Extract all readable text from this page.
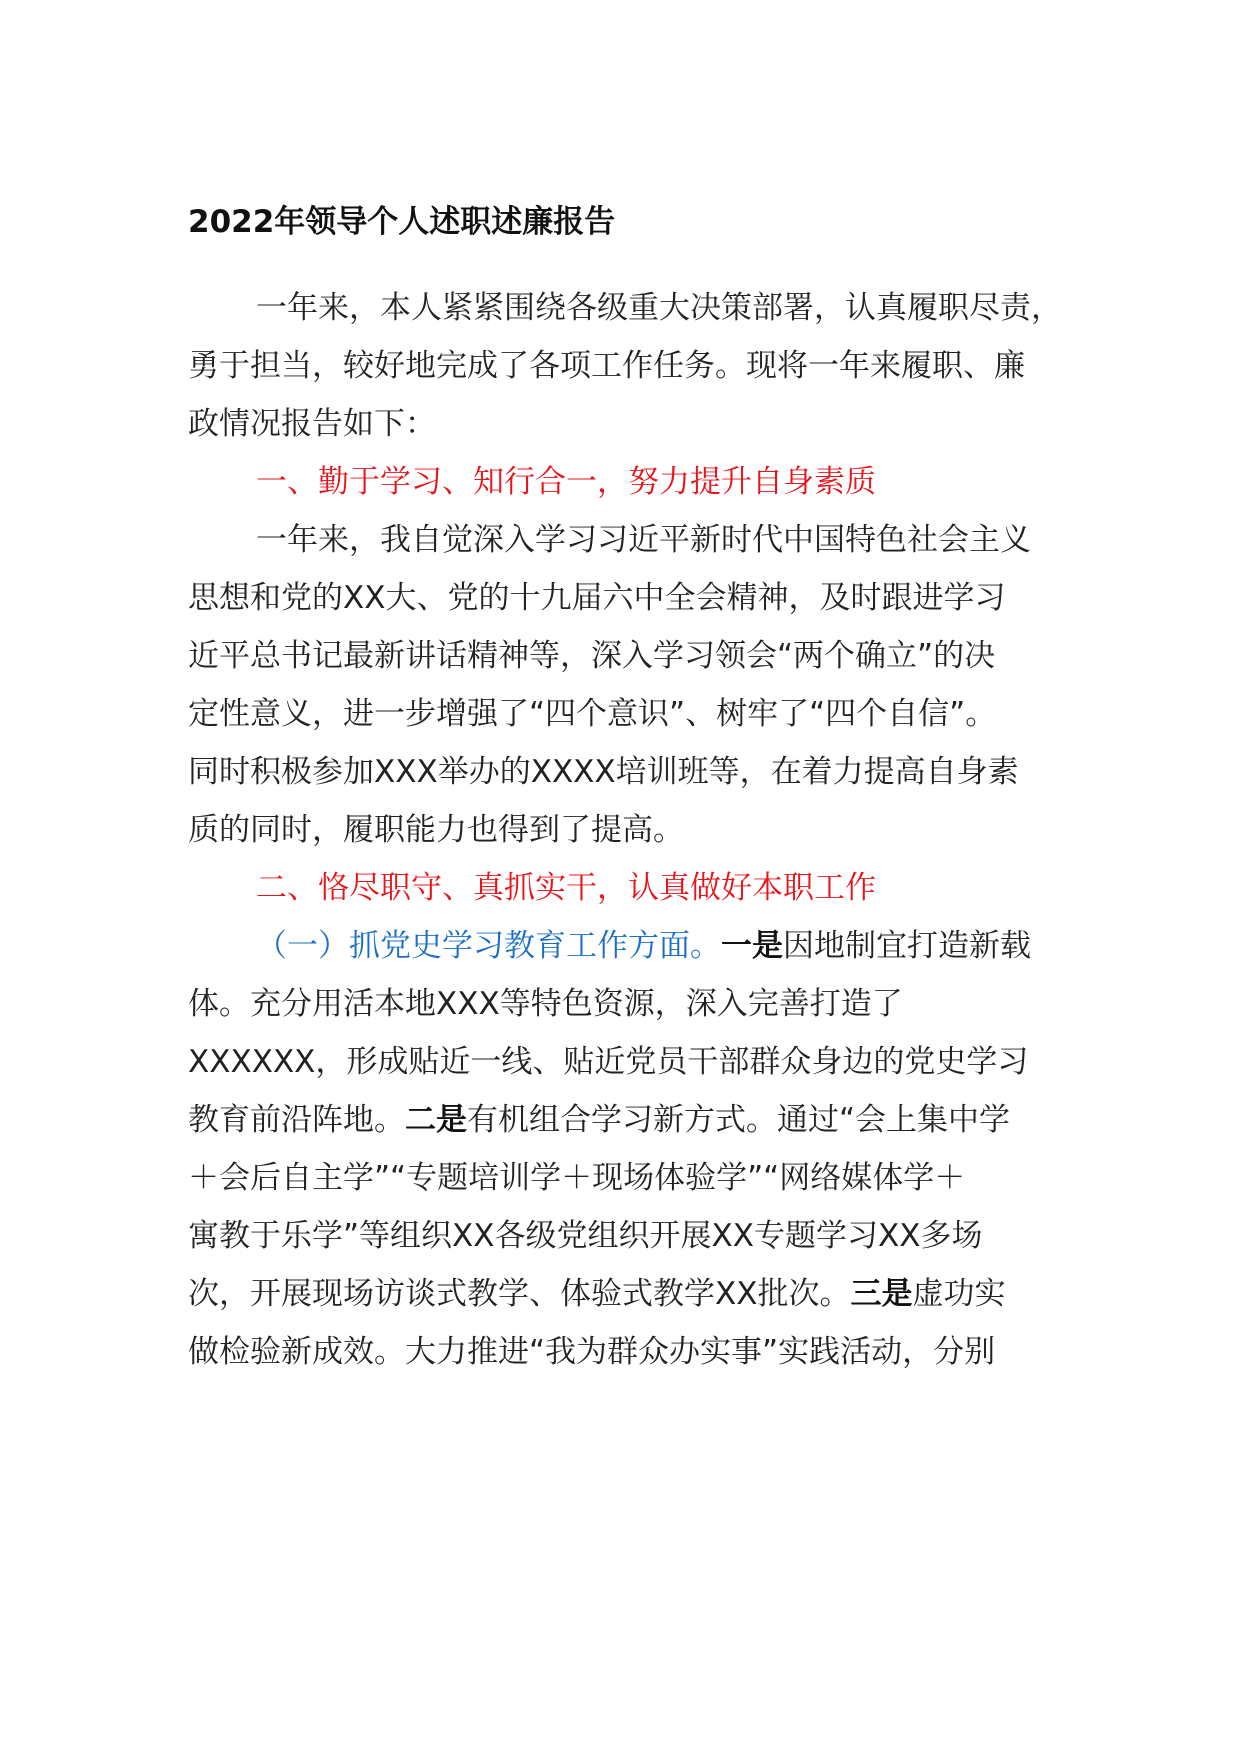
2022年领导个人述职述廉报告
一年来，本人紧紧围绕各级重大决策部署，认真履职尽责，
勇于担当，较好地完成了各项工作任务。现将一年来履职、廉
政情况报告如下：
一、勤于学习、知行合一，努力提升自身素质
一年来，我自觉深入学习习近平新时代中国特色社会主义
思想和党的XX大、党的十九届六中全会精神，及时跟进学习
近平总书记最新讲话精神等，深入学习领会“两个确立”的决
定性意义，进一步增强了“四个意识”、树牢了“四个自信”。
同时积极参加XXX举办的XXXX培训班等，在着力提高自身素
质的同时，履职能力也得到了提高。
二、恪尽职守、真抓实干，认真做好本职工作
（一）抓党史学习教育工作方面。一是因地制宜打造新载
体。充分用活本地XXX等特色资源，深入完善打造了
XXXXXX，形成贴近一线、贴近党员干部群众身边的党史学习
教育前沿阵地。二是有机组合学习新方式。通过“会上集中学
＋会后自主学”“专题培训学＋现场体验学”“网络媒体学＋
寓教于乐学”等组织XX各级党组织开展XX专题学习XX多场
次，开展现场访谈式教学、体验式教学XX批次。三是虚功实
做检验新成效。大力推进“我为群众办实事”实践活动，分别
